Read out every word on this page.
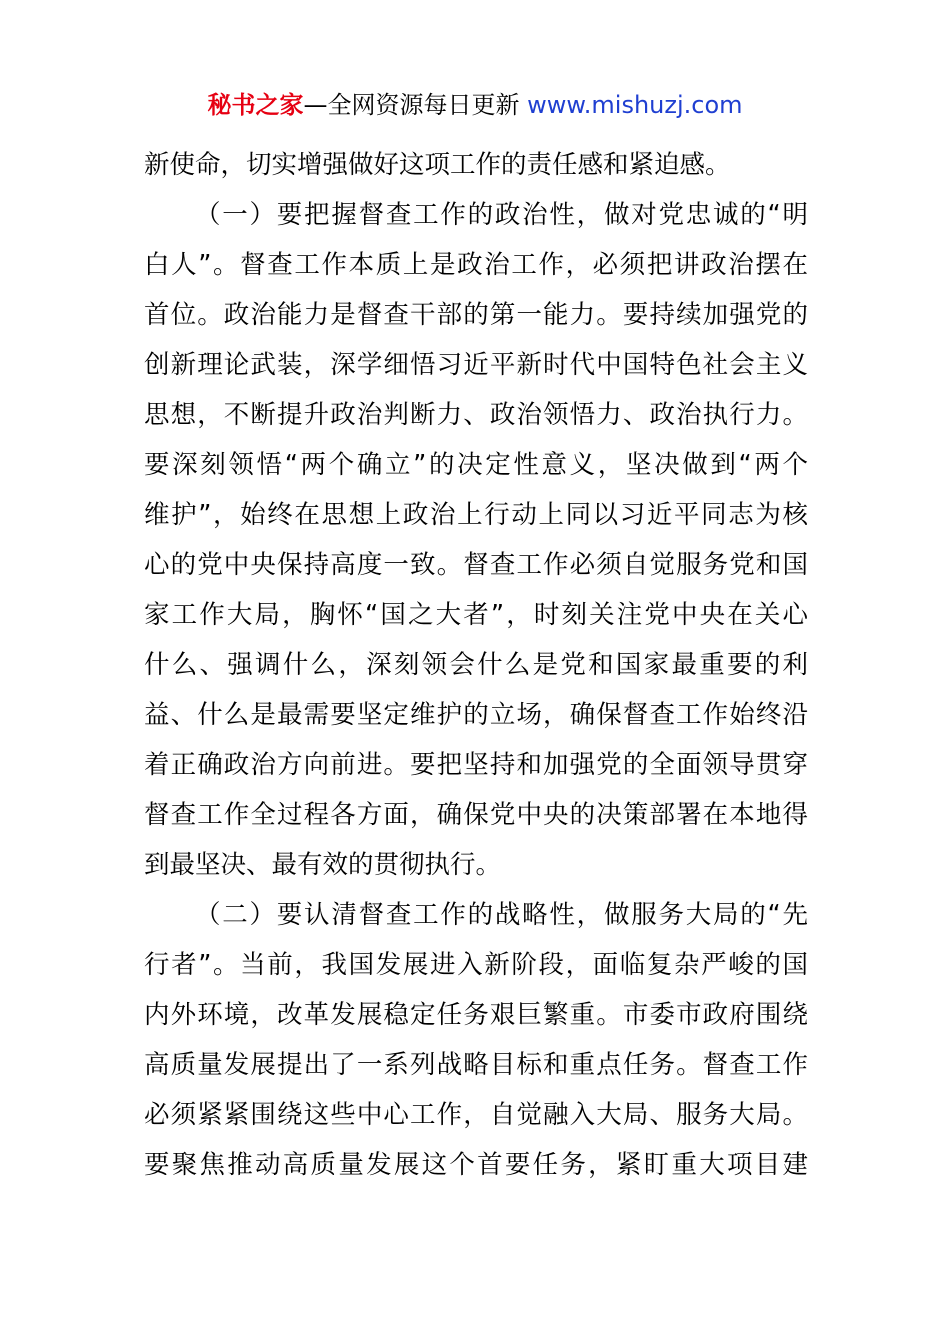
秘书之家—全网资源每日更新 www.mishuzj.com
新使命，切实增强做好这项工作的责任感和紧迫感。
（一）要把握督查工作的政治性，做对党忠诚的“明
白人”。督查工作本质上是政治工作，必须把讲政治摆在
首位。政治能力是督查干部的第一能力。要持续加强党的
创新理论武装，深学细悟习近平新时代中国特色社会主义
思想，不断提升政治判断力、政治领悟力、政治执行力。
要深刻领悟“两个确立”的决定性意义，坚决做到“两个
维护”，始终在思想上政治上行动上同以习近平同志为核
心的党中央保持高度一致。督查工作必须自觉服务党和国
家工作大局，胸怀“国之大者”，时刻关注党中央在关心
什么、强调什么，深刻领会什么是党和国家最重要的利
益、什么是最需要坚定维护的立场，确保督查工作始终沿
着正确政治方向前进。要把坚持和加强党的全面领导贯穿
督查工作全过程各方面，确保党中央的决策部署在本地得
到最坚决、最有效的贯彻执行。
（二）要认清督查工作的战略性，做服务大局的“先
行者”。当前，我国发展进入新阶段，面临复杂严峻的国
内外环境，改革发展稳定任务艰巨繁重。市委市政府围绕
高质量发展提出了一系列战略目标和重点任务。督查工作
必须紧紧围绕这些中心工作，自觉融入大局、服务大局。
要聚焦推动高质量发展这个首要任务，紧盯重大项目建
